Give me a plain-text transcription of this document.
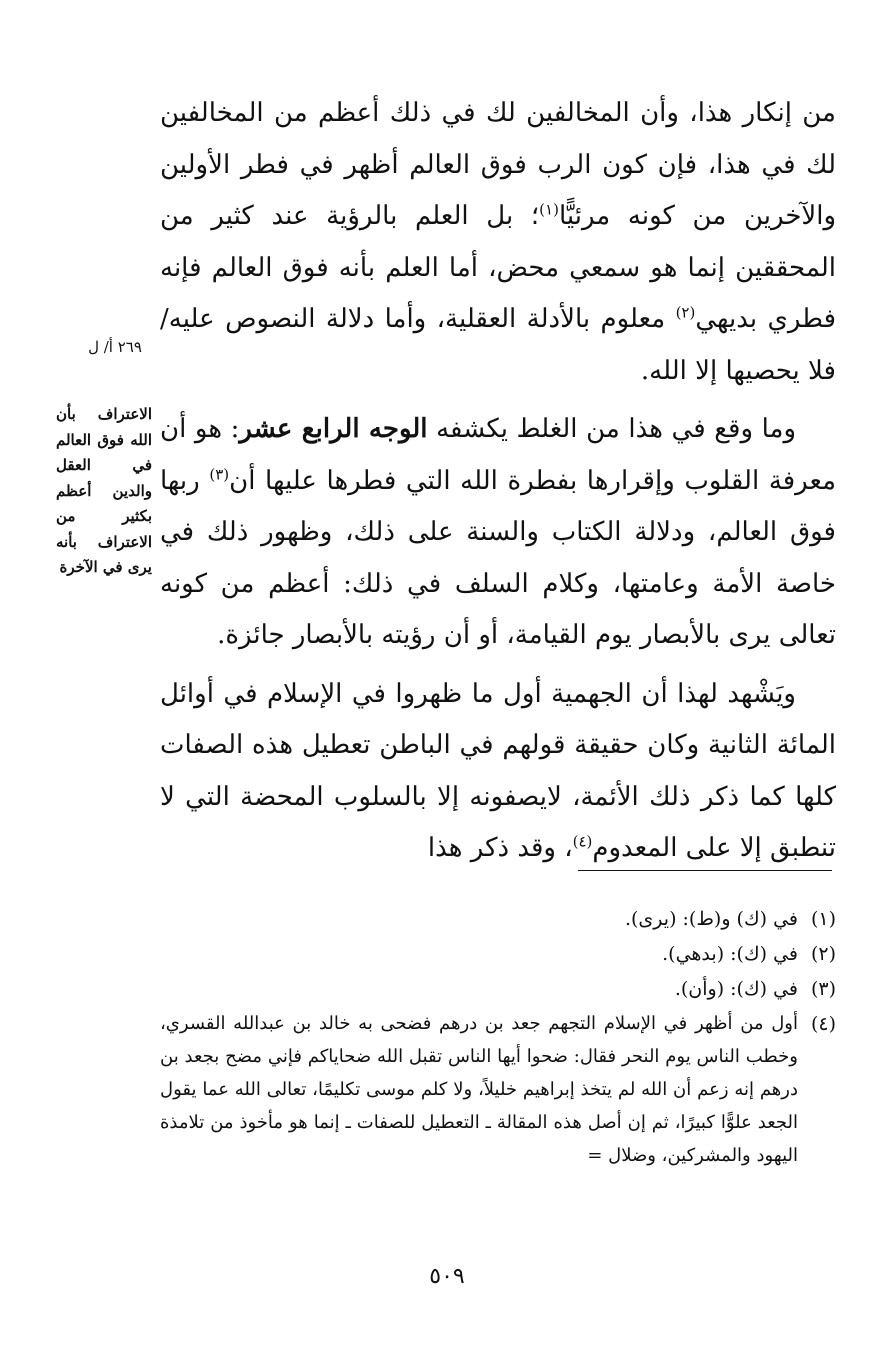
من إنكار هذا، وأن المخالفين لك في ذلك أعظم من المخالفين لك في هذا، فإن كون الرب فوق العالم أظهر في فطر الأولين والآخرين من كونه مرئيًّا$^{(١)}$؛ بل العلم بالرؤية عند كثير من المحققين إنما هو سمعي محض، أما العلم بأنه فوق العالم فإنه فطري بديهي$^{(٢)}$ معلوم بالأدلة العقلية، وأما دلالة النصوص عليه/ فلا يحصيها إلا الله.

وما وقع في هذا من الغلط يكشفه الوجه الرابع عشر: هو أن معرفة القلوب وإقرارها بفطرة الله التي فطرها عليها أن$^{(٣)}$ ربها فوق العالم، ودلالة الكتاب والسنة على ذلك، وظهور ذلك في خاصة الأمة وعامتها، وكلام السلف في ذلك: أعظم من كونه تعالى يرى بالأبصار يوم القيامة، أو أن رؤيته بالأبصار جائزة.

ويَشْهد لهذا أن الجهمية أول ما ظهروا في الإسلام في أوائل المائة الثانية وكان حقيقة قولهم في الباطن تعطيل هذه الصفات كلها كما ذكر ذلك الأئمة، لايصفونه إلا بالسلوب المحضة التي لا تنطبق إلا على المعدوم$^{(٤)}$، وقد ذكر هذا

٢٦٩ أ/ ل
الاعتراف بأن الله فوق العالم في العقل والدين أعظم بكثير من الاعتراف بأنه يرى في الآخرة
(١)
في (ك) و(ط): (يرى).
(٢)
في (ك): (بدهي).
(٣)
في (ك): (وأن).
(٤)
أول من أظهر في الإسلام التجهم جعد بن درهم فضحى به خالد بن عبدالله القسري، وخطب الناس يوم النحر فقال: ضحوا أيها الناس تقبل الله ضحاياكم فإني مضح بجعد بن درهم إنه زعم أن الله لم يتخذ إبراهيم خليلاً، ولا كلم موسى تكليمًا، تعالى الله عما يقول الجعد علوًّا كبيرًا، ثم إن أصل هذه المقالة ـ التعطيل للصفات ـ إنما هو مأخوذ من تلامذة اليهود والمشركين، وضلال =
٥٠٩
